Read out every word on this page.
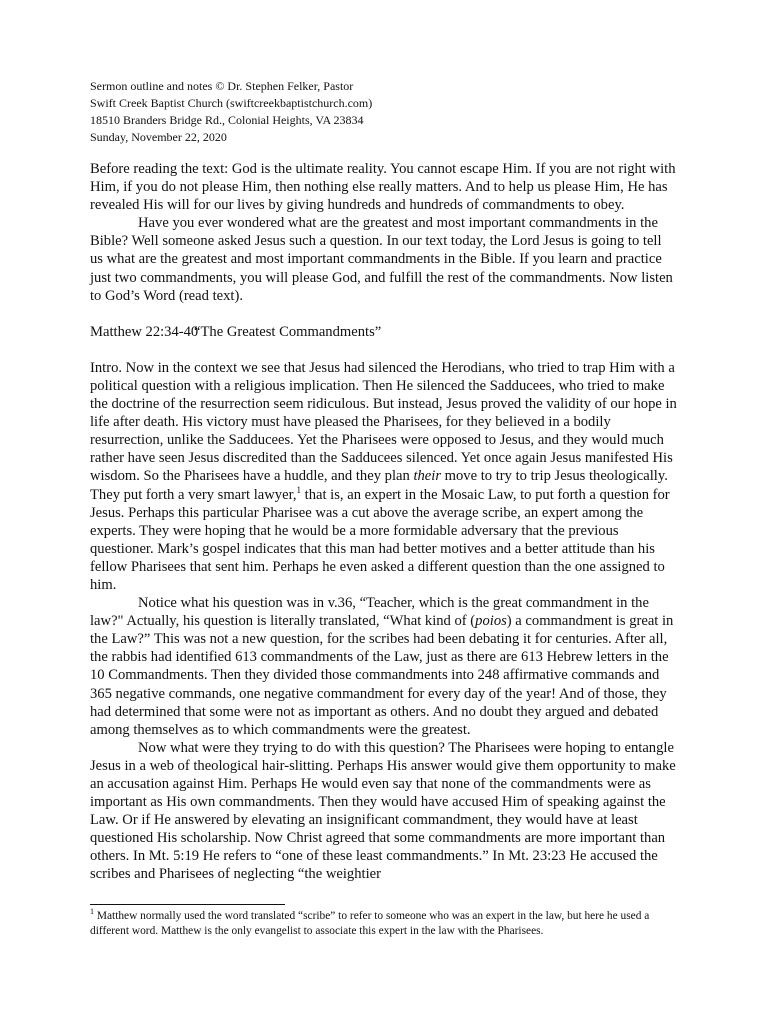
Sermon outline and notes © Dr. Stephen Felker, Pastor
Swift Creek Baptist Church (swiftcreekbaptistchurch.com)
18510 Branders Bridge Rd., Colonial Heights, VA 23834
Sunday, November 22, 2020

Before reading the text: God is the ultimate reality. You cannot escape Him. If you are not right with Him, if you do not please Him, then nothing else really matters. And to help us please Him, He has revealed His will for our lives by giving hundreds and hundreds of commandments to obey.

Have you ever wondered what are the greatest and most important commandments in the Bible? Well someone asked Jesus such a question. In our text today, the Lord Jesus is going to tell us what are the greatest and most important commandments in the Bible. If you learn and practice just two commandments, you will please God, and fulfill the rest of the commandments. Now listen to God’s Word (read text).

Matthew 22:34-40“The Greatest Commandments”

Intro. Now in the context we see that Jesus had silenced the Herodians, who tried to trap Him with a political question with a religious implication. Then He silenced the Sadducees, who tried to make the doctrine of the resurrection seem ridiculous. But instead, Jesus proved the validity of our hope in life after death. His victory must have pleased the Pharisees, for they believed in a bodily resurrection, unlike the Sadducees. Yet the Pharisees were opposed to Jesus, and they would much rather have seen Jesus discredited than the Sadducees silenced. Yet once again Jesus manifested His wisdom. So the Pharisees have a huddle, and they plan their move to try to trip Jesus theologically. They put forth a very smart lawyer,$^1$ that is, an expert in the Mosaic Law, to put forth a question for Jesus. Perhaps this particular Pharisee was a cut above the average scribe, an expert among the experts. They were hoping that he would be a more formidable adversary that the previous questioner. Mark’s gospel indicates that this man had better motives and a better attitude than his fellow Pharisees that sent him. Perhaps he even asked a different question than the one assigned to him.

Notice what his question was in v.36, “Teacher, which is the great commandment in the law?" Actually, his question is literally translated, “What kind of (poios) a commandment is great in the Law?” This was not a new question, for the scribes had been debating it for centuries. After all, the rabbis had identified 613 commandments of the Law, just as there are 613 Hebrew letters in the 10 Commandments. Then they divided those commandments into 248 affirmative commands and 365 negative commands, one negative commandment for every day of the year! And of those, they had determined that some were not as important as others. And no doubt they argued and debated among themselves as to which commandments were the greatest.

Now what were they trying to do with this question? The Pharisees were hoping to entangle Jesus in a web of theological hair-slitting. Perhaps His answer would give them opportunity to make an accusation against Him. Perhaps He would even say that none of the commandments were as important as His own commandments. Then they would have accused Him of speaking against the Law. Or if He answered by elevating an insignificant commandment, they would have at least questioned His scholarship. Now Christ agreed that some commandments are more important than others. In Mt. 5:19 He refers to “one of these least commandments.” In Mt. 23:23 He accused the scribes and Pharisees of neglecting “the weightier

$^1$ Matthew normally used the word translated “scribe” to refer to someone who was an expert in the law, but here he used a different word. Matthew is the only evangelist to associate this expert in the law with the Pharisees.
